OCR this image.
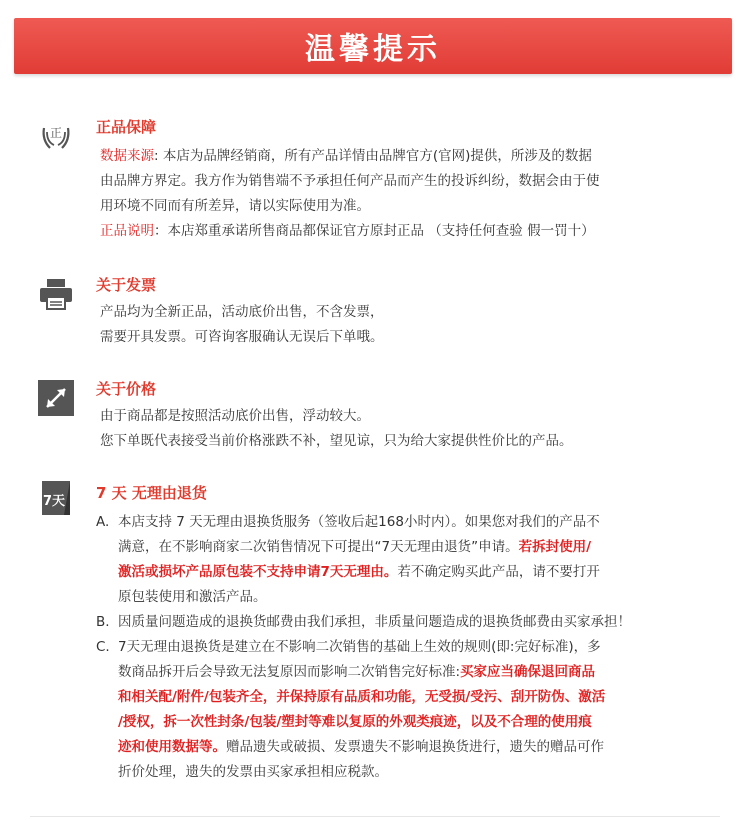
温馨提示
正 正品保障

数据来源: 本店为品牌经销商，所有产品详情由品牌官方(官网)提供，所涉及的数据

由品牌方界定。我方作为销售端不予承担任何产品而产生的投诉纠纷，数据会由于使

用环境不同而有所差异，请以实际使用为准。

正品说明：本店郑重承诺所售商品都保证官方原封正品 （支持任何查验 假一罚十）

关于发票

产品均为全新正品，活动底价出售，不含发票，

需要开具发票。可咨询客服确认无误后下单哦。

关于价格

由于商品都是按照活动底价出售，浮动较大。

您下单既代表接受当前价格涨跌不补，望见谅，只为给大家提供性价比的产品。

7天 7 天 无理由退货
A. 本店支持 7 天无理由退换货服务（签收后起168小时内）。如果您对我们的产品不
满意，在不影响商家二次销售情况下可提出“7天无理由退货”申请。若拆封使用/
激活或损坏产品原包装不支持申请7天无理由。若不确定购买此产品，请不要打开
原包装使用和激活产品。
B. 因质量问题造成的退换货邮费由我们承担，非质量问题造成的退换货邮费由买家承担！
C. 7天无理由退换货是建立在不影响二次销售的基础上生效的规则(即:完好标准)，多
数商品拆开后会导致无法复原因而影响二次销售完好标准:买家应当确保退回商品
和相关配/附件/包装齐全，并保持原有品质和功能，无受损/受污、刮开防伪、激活
/授权，拆一次性封条/包装/塑封等难以复原的外观类痕迹，以及不合理的使用痕
迹和使用数据等。赠品遗失或破损、发票遗失不影响退换货进行，遗失的赠品可作
折价处理，遗失的发票由买家承担相应税款。
